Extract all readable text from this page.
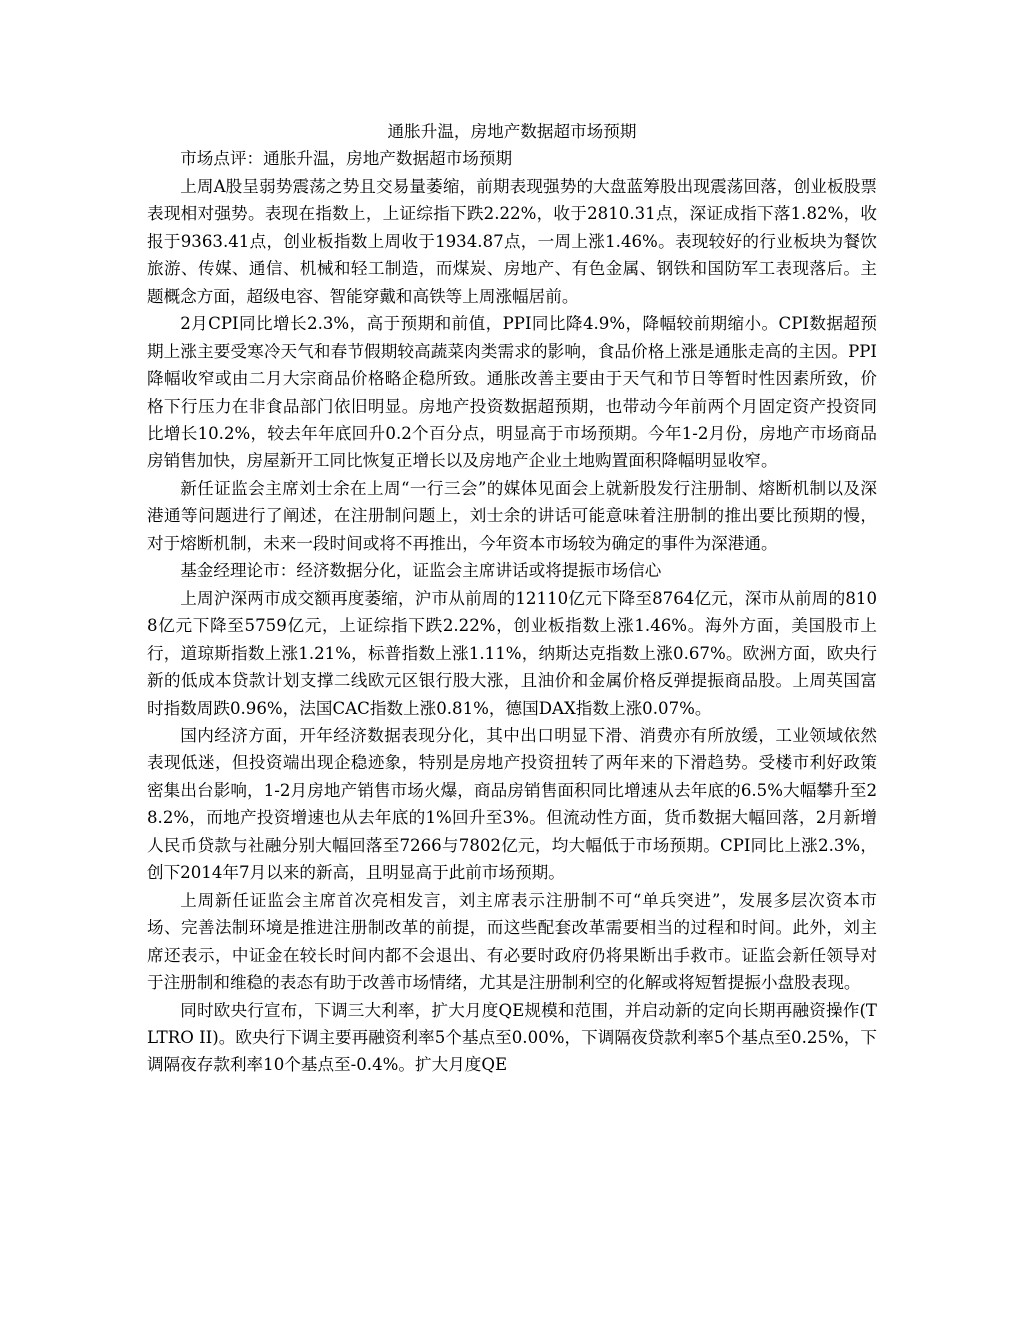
通胀升温，房地产数据超市场预期

市场点评：通胀升温，房地产数据超市场预期

上周A股呈弱势震荡之势且交易量萎缩，前期表现强势的大盘蓝筹股出现震荡回落，创业板股票表现相对强势。表现在指数上，上证综指下跌2.22%，收于2810.31点，深证成指下落1.82%，收报于9363.41点，创业板指数上周收于1934.87点，一周上涨1.46%。表现较好的行业板块为餐饮旅游、传媒、通信、机械和轻工制造，而煤炭、房地产、有色金属、钢铁和国防军工表现落后。主题概念方面，超级电容、智能穿戴和高铁等上周涨幅居前。

2月CPI同比增长2.3%，高于预期和前值，PPI同比降4.9%，降幅较前期缩小。CPI数据超预期上涨主要受寒冷天气和春节假期较高蔬菜肉类需求的影响，食品价格上涨是通胀走高的主因。PPI降幅收窄或由二月大宗商品价格略企稳所致。通胀改善主要由于天气和节日等暂时性因素所致，价格下行压力在非食品部门依旧明显。房地产投资数据超预期，也带动今年前两个月固定资产投资同比增长10.2%，较去年年底回升0.2个百分点，明显高于市场预期。今年1-2月份，房地产市场商品房销售加快，房屋新开工同比恢复正增长以及房地产企业土地购置面积降幅明显收窄。

新任证监会主席刘士余在上周“一行三会”的媒体见面会上就新股发行注册制、熔断机制以及深港通等问题进行了阐述，在注册制问题上，刘士余的讲话可能意味着注册制的推出要比预期的慢，对于熔断机制，未来一段时间或将不再推出，今年资本市场较为确定的事件为深港通。

基金经理论市：经济数据分化，证监会主席讲话或将提振市场信心

上周沪深两市成交额再度萎缩，沪市从前周的12110亿元下降至8764亿元，深市从前周的8108亿元下降至5759亿元，上证综指下跌2.22%，创业板指数上涨1.46%。海外方面，美国股市上行，道琼斯指数上涨1.21%，标普指数上涨1.11%，纳斯达克指数上涨0.67%。欧洲方面，欧央行新的低成本贷款计划支撑二线欧元区银行股大涨，且油价和金属价格反弹提振商品股。上周英国富时指数周跌0.96%，法国CAC指数上涨0.81%，德国DAX指数上涨0.07%。

国内经济方面，开年经济数据表现分化，其中出口明显下滑、消费亦有所放缓，工业领域依然表现低迷，但投资端出现企稳迹象，特别是房地产投资扭转了两年来的下滑趋势。受楼市利好政策密集出台影响，1-2月房地产销售市场火爆，商品房销售面积同比增速从去年底的6.5%大幅攀升至28.2%，而地产投资增速也从去年底的1%回升至3%。但流动性方面，货币数据大幅回落，2月新增人民币贷款与社融分别大幅回落至7266与7802亿元，均大幅低于市场预期。CPI同比上涨2.3%，创下2014年7月以来的新高，且明显高于此前市场预期。

上周新任证监会主席首次亮相发言，刘主席表示注册制不可“单兵突进”，发展多层次资本市场、完善法制环境是推进注册制改革的前提，而这些配套改革需要相当的过程和时间。此外，刘主席还表示，中证金在较长时间内都不会退出、有必要时政府仍将果断出手救市。证监会新任领导对于注册制和维稳的表态有助于改善市场情绪，尤其是注册制利空的化解或将短暂提振小盘股表现。

同时欧央行宣布，下调三大利率，扩大月度QE规模和范围，并启动新的定向长期再融资操作(TLTRO II)。欧央行下调主要再融资利率5个基点至0.00%，下调隔夜贷款利率5个基点至0.25%，下调隔夜存款利率10个基点至-0.4%。扩大月度QE
